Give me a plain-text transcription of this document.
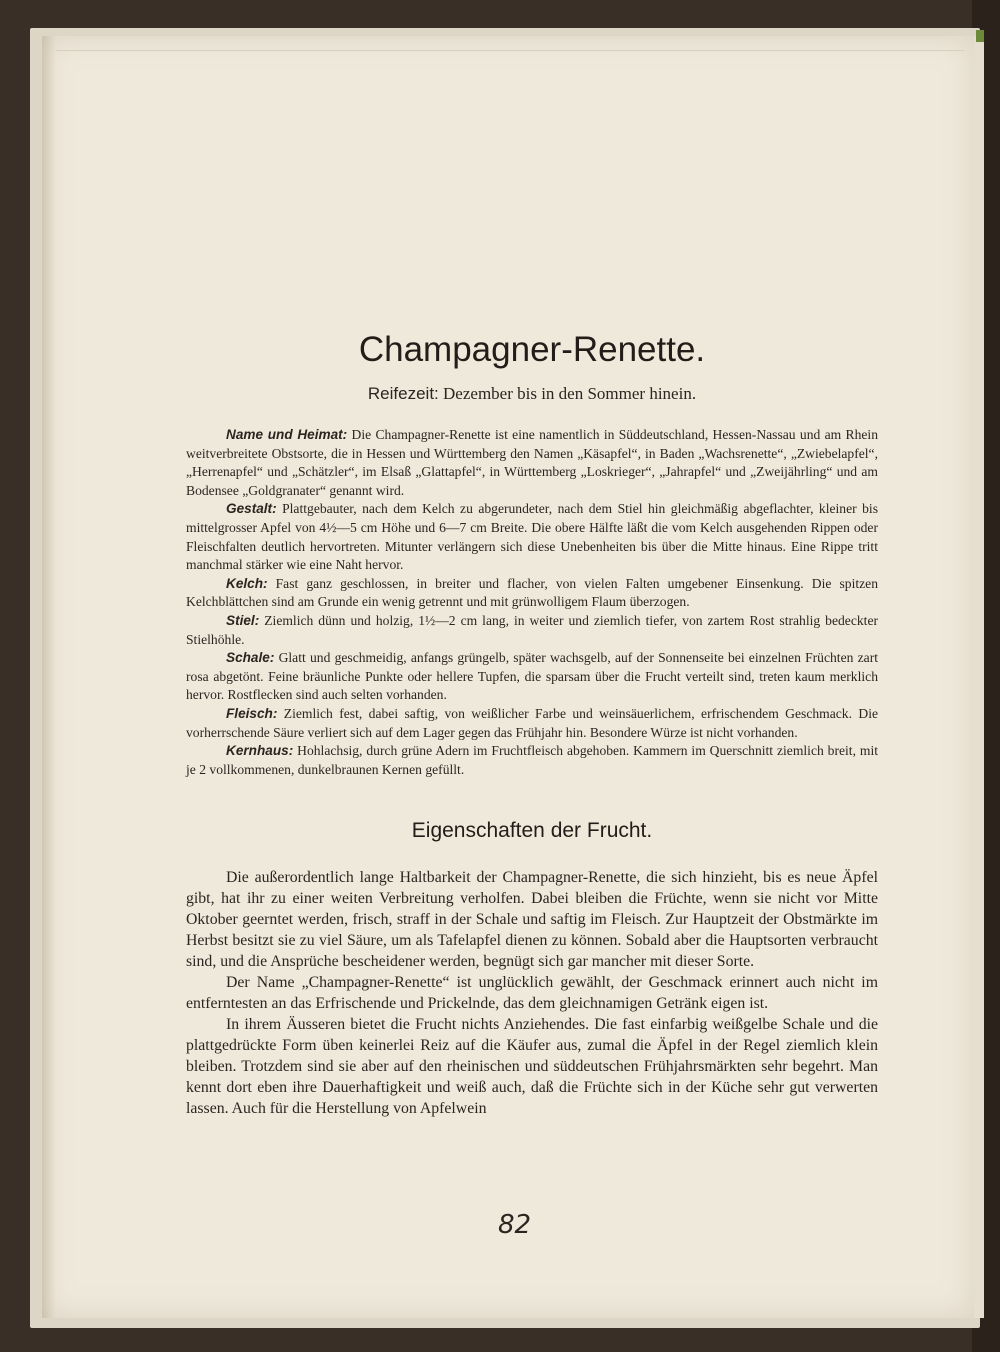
Champagner-Renette.
Reifezeit: Dezember bis in den Sommer hinein.
Name und Heimat: Die Champagner-Renette ist eine namentlich in Süddeutschland, Hessen-Nassau und am Rhein weitverbreitete Obstsorte, die in Hessen und Württemberg den Namen „Käsapfel“, in Baden „Wachsrenette“, „Zwiebelapfel“, „Herrenapfel“ und „Schätzler“, im Elsaß „Glattapfel“, in Württemberg „Loskrieger“, „Jahrapfel“ und „Zweijährling“ und am Bodensee „Goldgranater“ genannt wird.
Gestalt: Plattgebauter, nach dem Kelch zu abgerundeter, nach dem Stiel hin gleichmäßig abgeflachter, kleiner bis mittelgrosser Apfel von 4½—5 cm Höhe und 6—7 cm Breite. Die obere Hälfte läßt die vom Kelch ausgehenden Rippen oder Fleischfalten deutlich hervortreten. Mitunter verlängern sich diese Unebenheiten bis über die Mitte hinaus. Eine Rippe tritt manchmal stärker wie eine Naht hervor.
Kelch: Fast ganz geschlossen, in breiter und flacher, von vielen Falten umgebener Einsenkung. Die spitzen Kelchblättchen sind am Grunde ein wenig getrennt und mit grünwolligem Flaum überzogen.
Stiel: Ziemlich dünn und holzig, 1½—2 cm lang, in weiter und ziemlich tiefer, von zartem Rost strahlig bedeckter Stielhöhle.
Schale: Glatt und geschmeidig, anfangs grüngelb, später wachsgelb, auf der Sonnenseite bei einzelnen Früchten zart rosa abgetönt. Feine bräunliche Punkte oder hellere Tupfen, die sparsam über die Frucht verteilt sind, treten kaum merklich hervor. Rostflecken sind auch selten vorhanden.
Fleisch: Ziemlich fest, dabei saftig, von weißlicher Farbe und weinsäuerlichem, erfrischendem Geschmack. Die vorherrschende Säure verliert sich auf dem Lager gegen das Frühjahr hin. Besondere Würze ist nicht vorhanden.
Kernhaus: Hohlachsig, durch grüne Adern im Fruchtfleisch abgehoben. Kammern im Querschnitt ziemlich breit, mit je 2 vollkommenen, dunkelbraunen Kernen gefüllt.
Eigenschaften der Frucht.
Die außerordentlich lange Haltbarkeit der Champagner-Renette, die sich hinzieht, bis es neue Äpfel gibt, hat ihr zu einer weiten Verbreitung verholfen. Dabei bleiben die Früchte, wenn sie nicht vor Mitte Oktober geerntet werden, frisch, straff in der Schale und saftig im Fleisch. Zur Hauptzeit der Obstmärkte im Herbst besitzt sie zu viel Säure, um als Tafelapfel dienen zu können. Sobald aber die Hauptsorten verbraucht sind, und die Ansprüche bescheidener werden, begnügt sich gar mancher mit dieser Sorte.
Der Name „Champagner-Renette“ ist unglücklich gewählt, der Geschmack erinnert auch nicht im entferntesten an das Erfrischende und Prickelnde, das dem gleichnamigen Getränk eigen ist.
In ihrem Äusseren bietet die Frucht nichts Anziehendes. Die fast einfarbig weißgelbe Schale und die plattgedrückte Form üben keinerlei Reiz auf die Käufer aus, zumal die Äpfel in der Regel ziemlich klein bleiben. Trotzdem sind sie aber auf den rheinischen und süddeutschen Frühjahrsmärkten sehr begehrt. Man kennt dort eben ihre Dauerhaftigkeit und weiß auch, daß die Früchte sich in der Küche sehr gut verwerten lassen. Auch für die Herstellung von Apfelwein
82
